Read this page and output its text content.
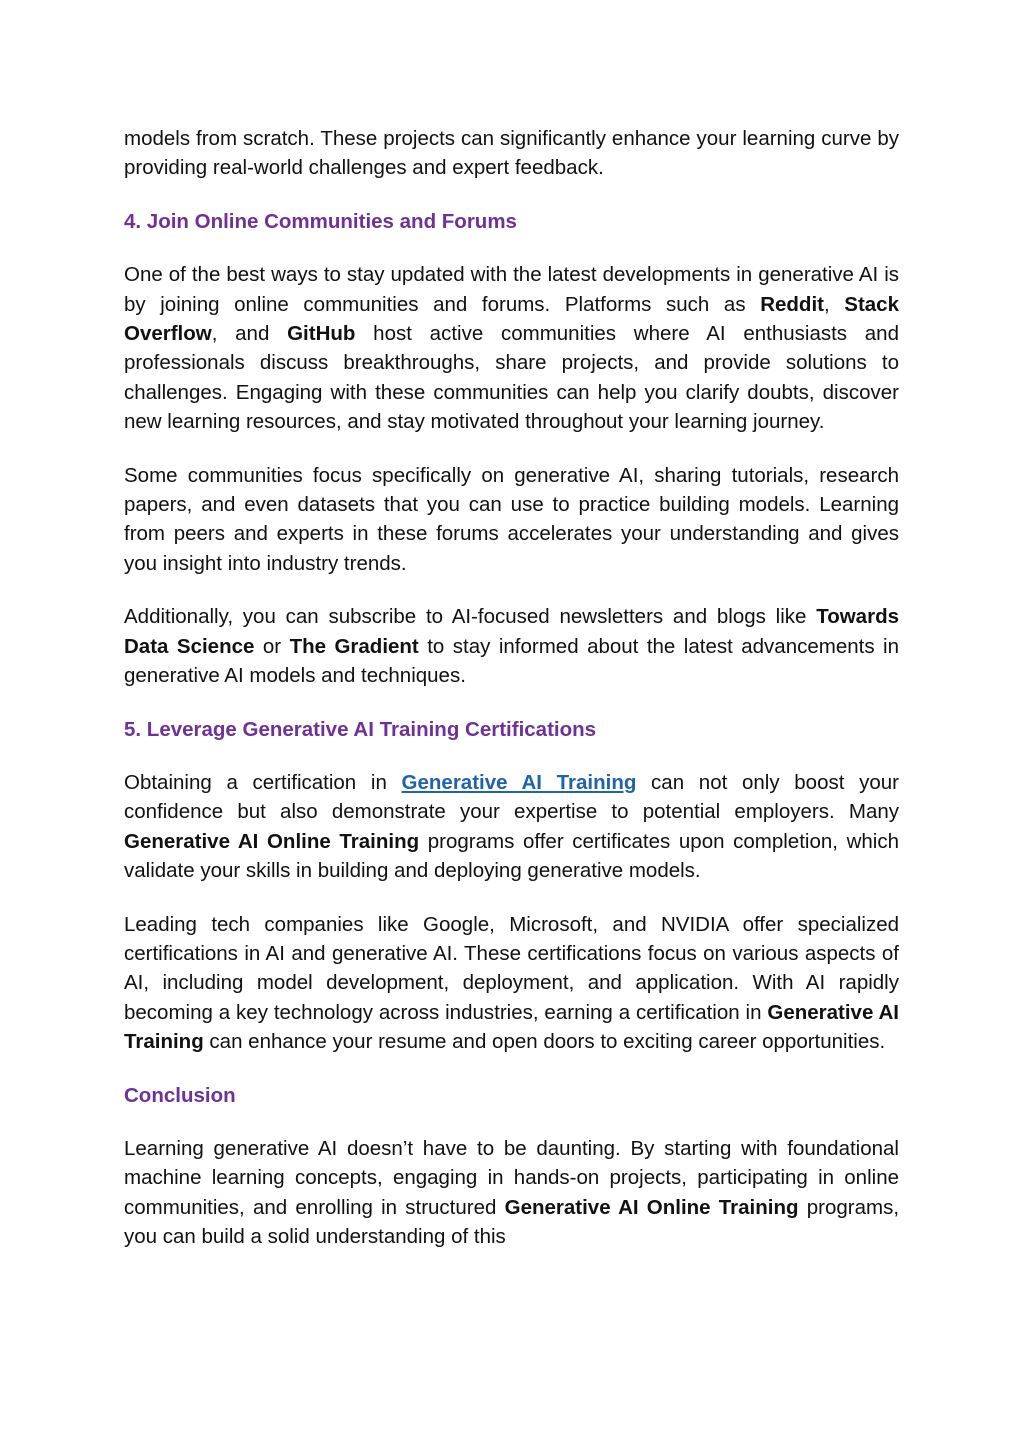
models from scratch. These projects can significantly enhance your learning curve by providing real-world challenges and expert feedback.

4. Join Online Communities and Forums

One of the best ways to stay updated with the latest developments in generative AI is by joining online communities and forums. Platforms such as Reddit, Stack Overflow, and GitHub host active communities where AI enthusiasts and professionals discuss breakthroughs, share projects, and provide solutions to challenges. Engaging with these communities can help you clarify doubts, discover new learning resources, and stay motivated throughout your learning journey.

Some communities focus specifically on generative AI, sharing tutorials, research papers, and even datasets that you can use to practice building models. Learning from peers and experts in these forums accelerates your understanding and gives you insight into industry trends.

Additionally, you can subscribe to AI-focused newsletters and blogs like Towards Data Science or The Gradient to stay informed about the latest advancements in generative AI models and techniques.

5. Leverage Generative AI Training Certifications

Obtaining a certification in Generative AI Training can not only boost your confidence but also demonstrate your expertise to potential employers. Many Generative AI Online Training programs offer certificates upon completion, which validate your skills in building and deploying generative models.

Leading tech companies like Google, Microsoft, and NVIDIA offer specialized certifications in AI and generative AI. These certifications focus on various aspects of AI, including model development, deployment, and application. With AI rapidly becoming a key technology across industries, earning a certification in Generative AI Training can enhance your resume and open doors to exciting career opportunities.

Conclusion

Learning generative AI doesn’t have to be daunting. By starting with foundational machine learning concepts, engaging in hands-on projects, participating in online communities, and enrolling in structured Generative AI Online Training programs, you can build a solid understanding of this
